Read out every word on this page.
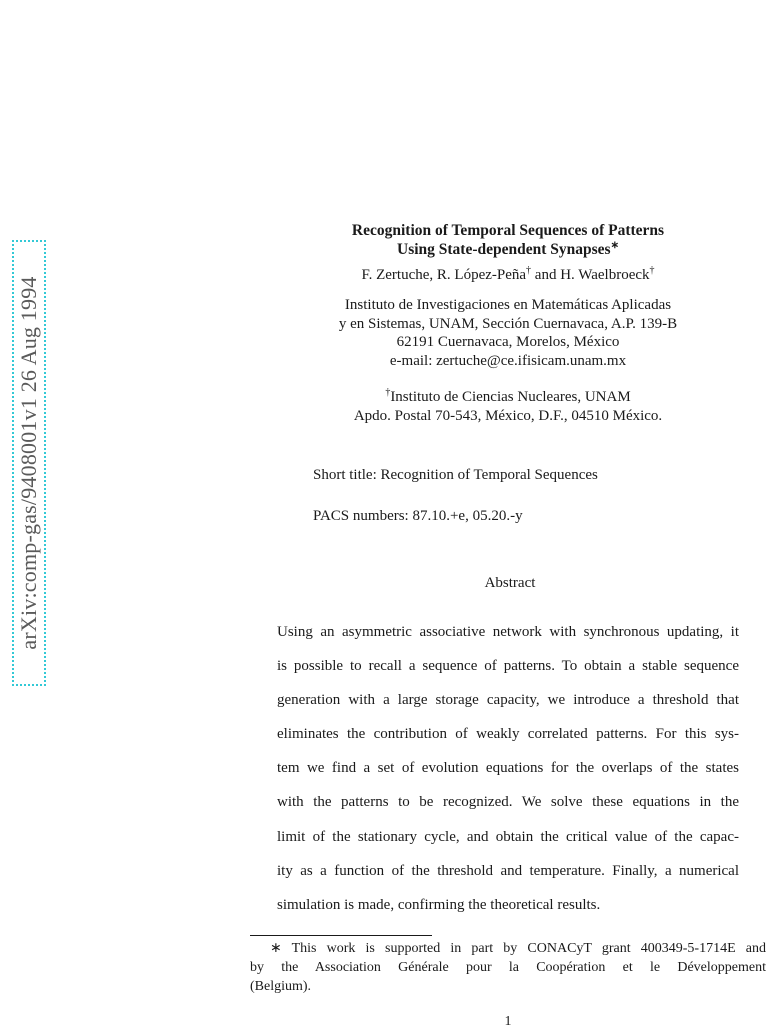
arXiv:comp-gas/9408001v1 26 Aug 1994
Recognition of Temporal Sequences of Patterns
Using State-dependent Synapses∗
F. Zertuche, R. López-Peña† and H. Waelbroeck†
Instituto de Investigaciones en Matemáticas Aplicadas
y en Sistemas, UNAM, Sección Cuernavaca, A.P. 139-B
62191 Cuernavaca, Morelos, México
e-mail: zertuche@ce.ifisicam.unam.mx
†Instituto de Ciencias Nucleares, UNAM
Apdo. Postal 70-543, México, D.F., 04510 México.
Short title: Recognition of Temporal Sequences
PACS numbers: 87.10.+e, 05.20.-y
Abstract
Using an asymmetric associative network with synchronous updating, it
is possible to recall a sequence of patterns. To obtain a stable sequence
generation with a large storage capacity, we introduce a threshold that
eliminates the contribution of weakly correlated patterns. For this sys-
tem we find a set of evolution equations for the overlaps of the states
with the patterns to be recognized. We solve these equations in the
limit of the stationary cycle, and obtain the critical value of the capac-
ity as a function of the threshold and temperature. Finally, a numerical
simulation is made, confirming the theoretical results.
∗ This work is supported in part by CONACyT grant 400349-5-1714E and
by the Association Générale pour la Coopération et le Développement
(Belgium).
1
